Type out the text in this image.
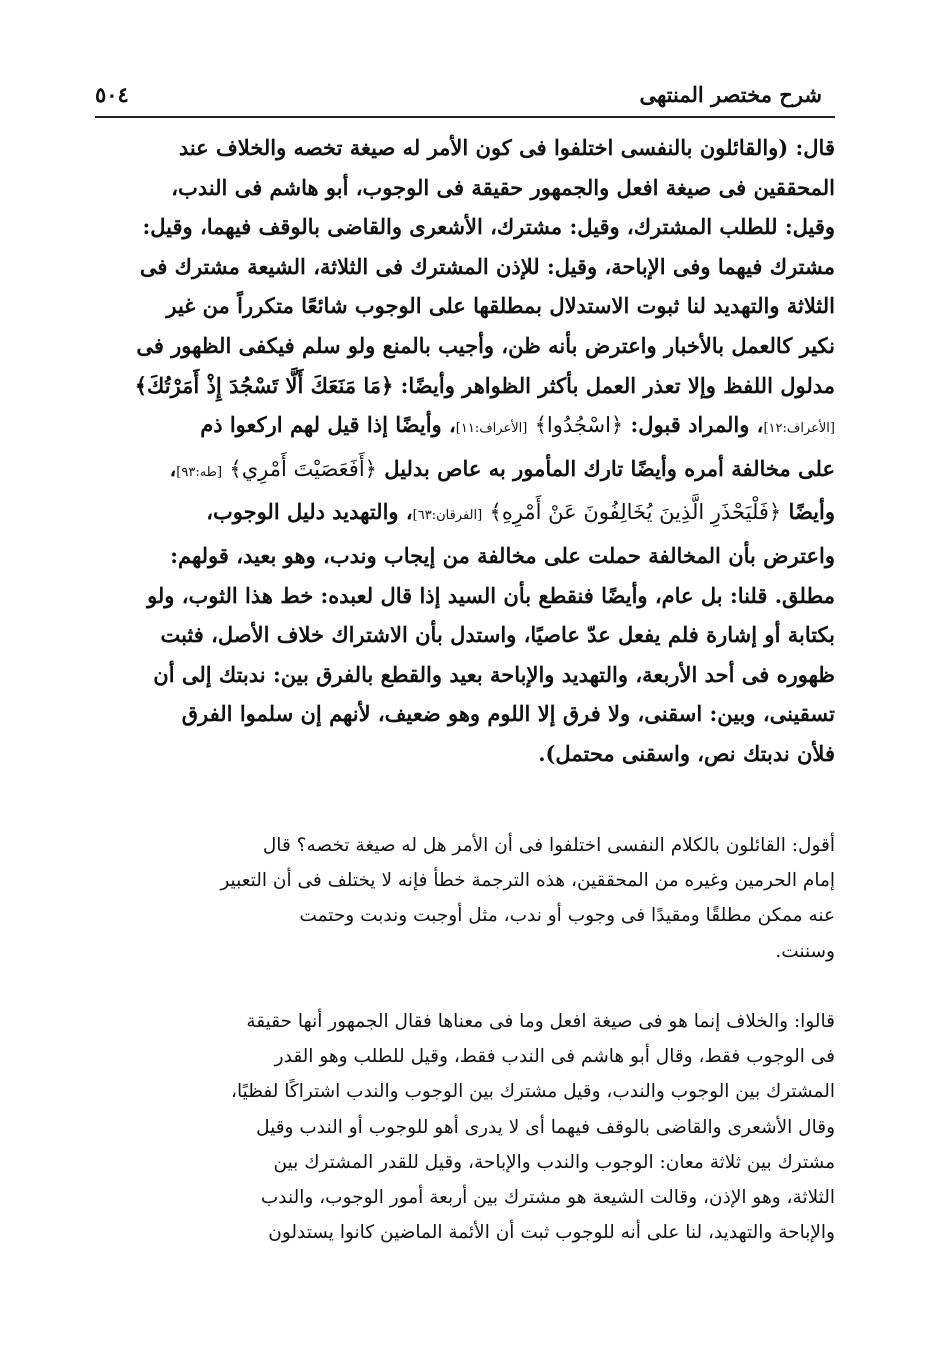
شرح مختصر المنتهى
٥٠٤
قال: (والقائلون بالنفسى اختلفوا فى كون الأمر له صيغة تخصه والخلاف عند
المحققين فى صيغة افعل والجمهور حقيقة فى الوجوب، أبو هاشم فى الندب،
وقيل: للطلب المشترك، وقيل: مشترك، الأشعرى والقاضى بالوقف فيهما، وقيل:
مشترك فيهما وفى الإباحة، وقيل: للإذن المشترك فى الثلاثة، الشيعة مشترك فى
الثلاثة والتهديد لنا ثبوت الاستدلال بمطلقها على الوجوب شائعًا متكرراً من غير
نكير كالعمل بالأخبار واعترض بأنه ظن، وأجيب بالمنع ولو سلم فيكفى الظهور فى
مدلول اللفظ وإلا تعذر العمل بأكثر الظواهر وأيضًا: ﴿مَا مَنَعَكَ أَلَّا تَسْجُدَ إِذْ أَمَرْتُكَ﴾
[الأعراف:١٢]، والمراد قبول: ﴿اسْجُدُوا﴾ [الأعراف:١١]، وأيضًا إذا قيل لهم اركعوا ذم
على مخالفة أمره وأيضًا تارك المأمور به عاص بدليل ﴿أَفَعَصَيْتَ أَمْرِي﴾ [طه:٩٣]،
وأيضًا ﴿فَلْيَحْذَرِ الَّذِينَ يُخَالِفُونَ عَنْ أَمْرِهِ﴾ [الفرقان:٦٣]، والتهديد دليل الوجوب،
واعترض بأن المخالفة حملت على مخالفة من إيجاب وندب، وهو بعيد، قولهم:
مطلق. قلنا: بل عام، وأيضًا فنقطع بأن السيد إذا قال لعبده: خط هذا الثوب، ولو
بكتابة أو إشارة فلم يفعل عدّ عاصيًا، واستدل بأن الاشتراك خلاف الأصل، فثبت
ظهوره فى أحد الأربعة، والتهديد والإباحة بعيد والقطع بالفرق بين: ندبتك إلى أن
تسقينى، وبين: اسقنى، ولا فرق إلا اللوم وهو ضعيف، لأنهم إن سلموا الفرق
فلأن ندبتك نص، واسقنى محتمل).
أقول: القائلون بالكلام النفسى اختلفوا فى أن الأمر هل له صيغة تخصه؟ قال
إمام الحرمين وغيره من المحققين، هذه الترجمة خطأ فإنه لا يختلف فى أن التعبير
عنه ممكن مطلقًا ومقيدًا فى وجوب أو ندب، مثل أوجبت وندبت وحتمت
وسننت.
قالوا: والخلاف إنما هو فى صيغة افعل وما فى معناها فقال الجمهور أنها حقيقة
فى الوجوب فقط، وقال أبو هاشم فى الندب فقط، وقيل للطلب وهو القدر
المشترك بين الوجوب والندب، وقيل مشترك بين الوجوب والندب اشتراكًا لفظيًا،
وقال الأشعرى والقاضى بالوقف فيهما أى لا يدرى أهو للوجوب أو الندب وقيل
مشترك بين ثلاثة معان: الوجوب والندب والإباحة، وقيل للقدر المشترك بين
الثلاثة، وهو الإذن، وقالت الشيعة هو مشترك بين أربعة أمور الوجوب، والندب
والإباحة والتهديد، لنا على أنه للوجوب ثبت أن الأئمة الماضين كانوا يستدلون
